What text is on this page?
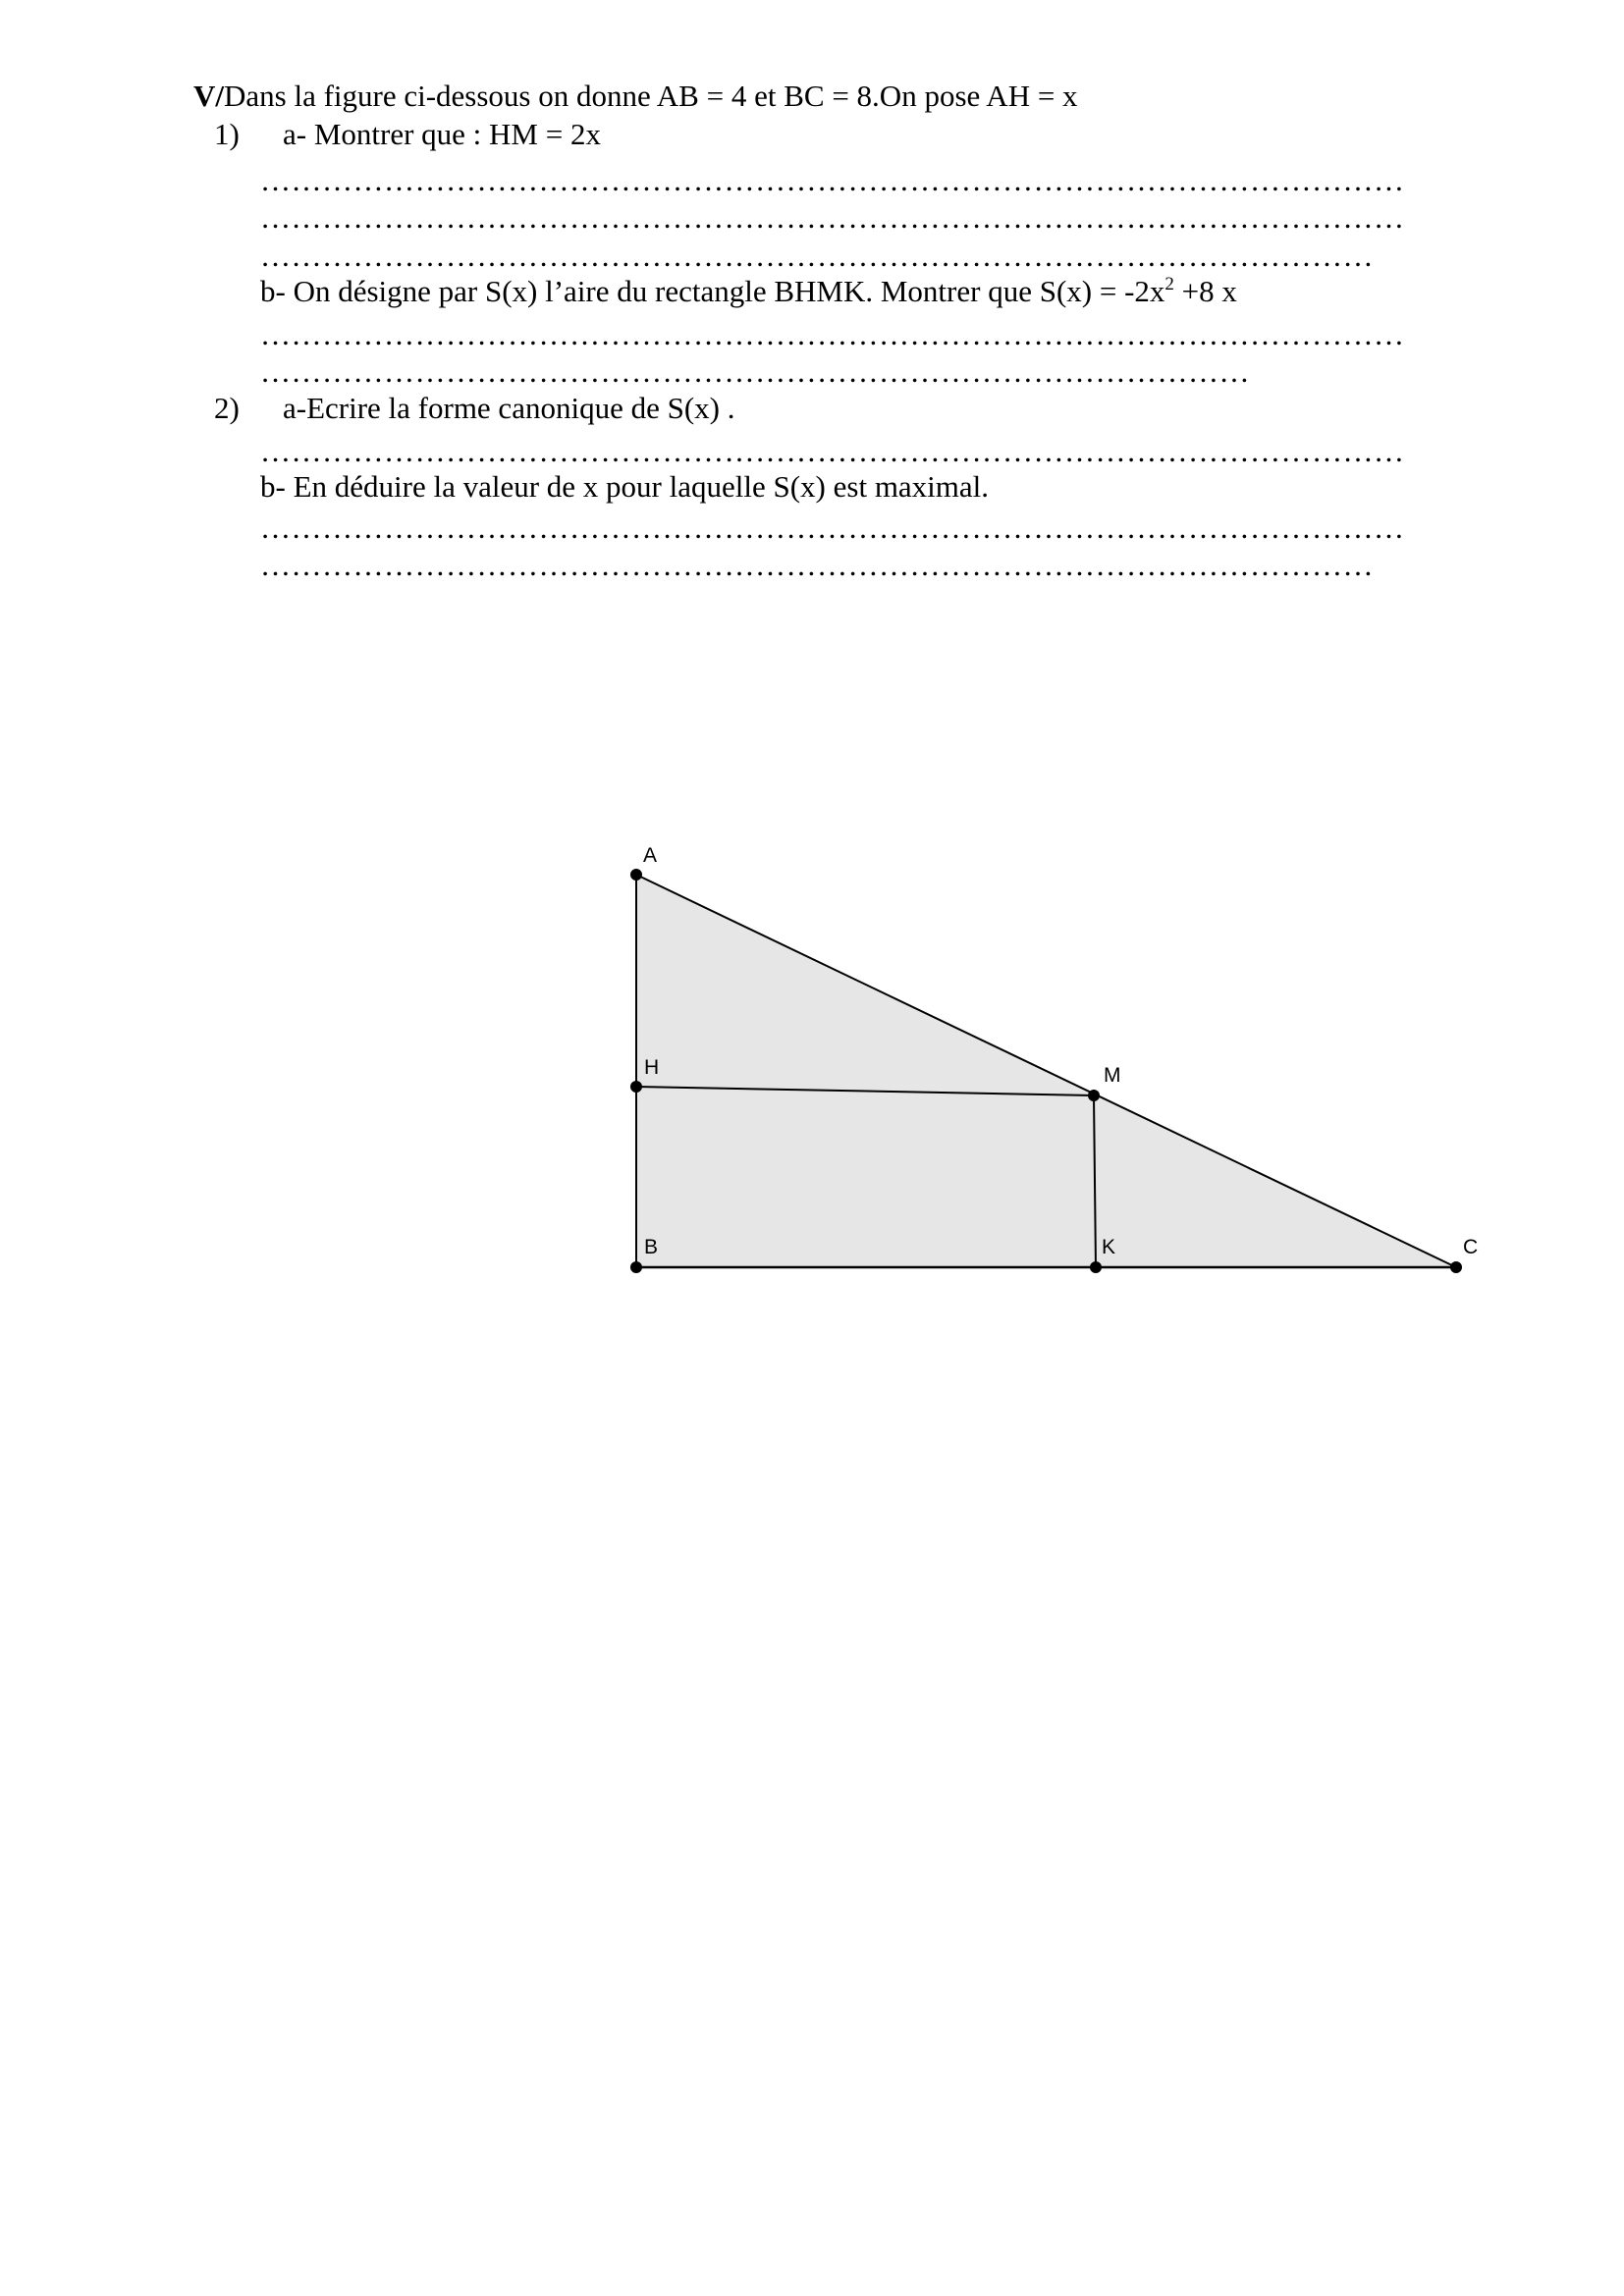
V/Dans la figure ci-dessous on donne AB = 4 et BC = 8.On pose AH = x
1) a- Montrer que : HM = 2x
…………………………………………………………………………………………………
…………………………………………………………………………………………………
………………………………………………………………………………………………
b- On désigne par S(x) l’aire du rectangle BHMK. Montrer que $S(x) = -2x^2 +8$ x
…………………………………………………………………………………………………
……………………………………………………………………………………
2) a-Ecrire la forme canonique de S(x) .
…………………………………………………………………………………………………
b- En déduire la valeur de x pour laquelle S(x) est maximal.
…………………………………………………………………………………………………
………………………………………………………………………………………………
A
H	M
B	K	C
